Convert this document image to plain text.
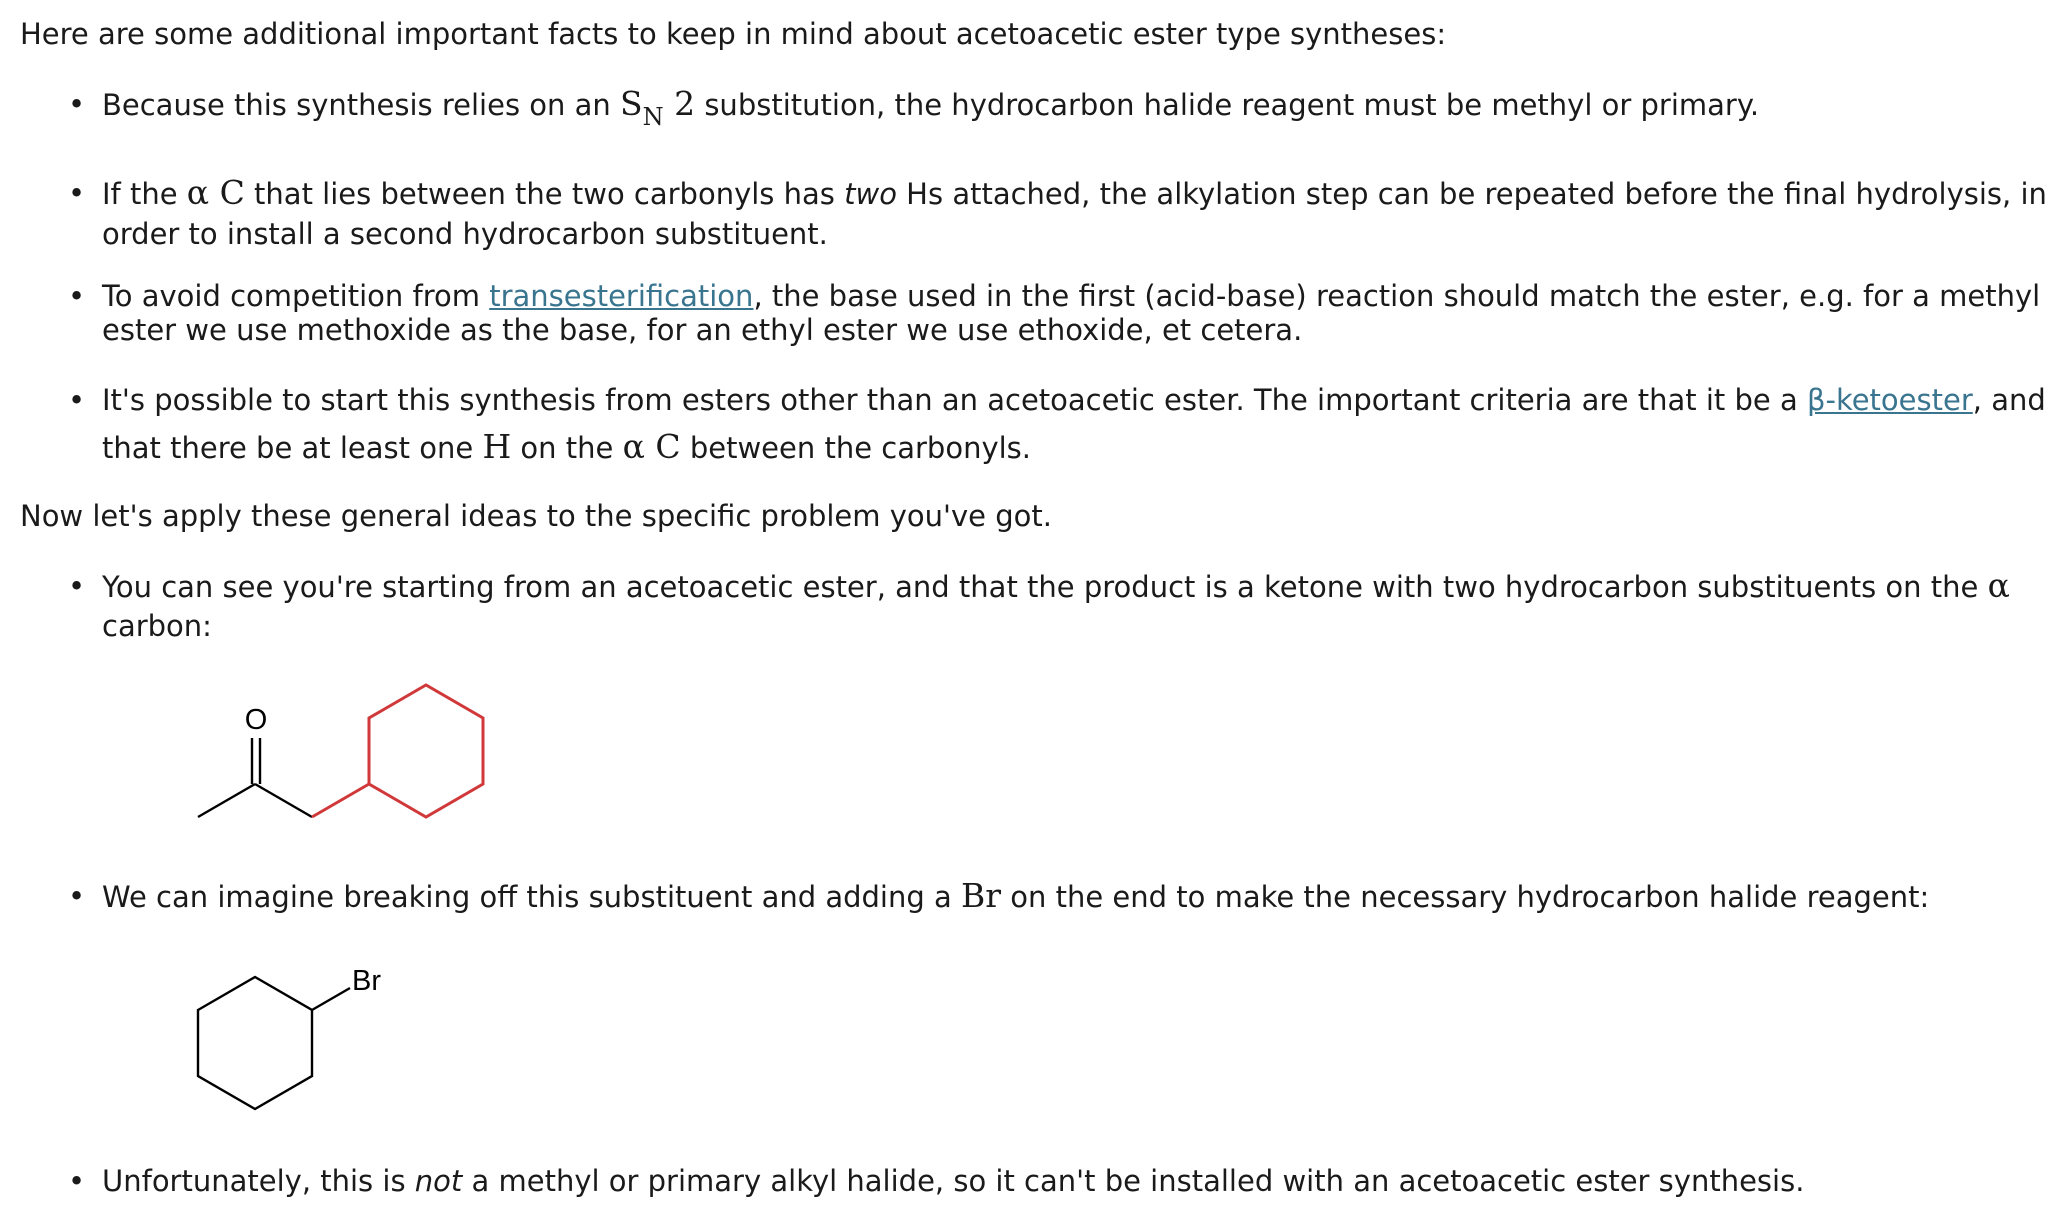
Here are some additional important facts to keep in mind about acetoacetic ester type syntheses:
• Because this synthesis relies on an $S_N$ 2 substitution, the hydrocarbon halide reagent must be methyl or primary.
• If the α C that lies between the two carbonyls has two Hs attached, the alkylation step can be repeated before the final hydrolysis, in
order to install a second hydrocarbon substituent.
• To avoid competition from transesterification, the base used in the first (acid-base) reaction should match the ester, e.g. for a methyl
ester we use methoxide as the base, for an ethyl ester we use ethoxide, et cetera.
• It's possible to start this synthesis from esters other than an acetoacetic ester. The important criteria are that it be a β-ketoester, and
that there be at least one H on the α C between the carbonyls.
Now let's apply these general ideas to the specific problem you've got.
• You can see you're starting from an acetoacetic ester, and that the product is a ketone with two hydrocarbon substituents on the α
carbon:
O
• We can imagine breaking off this substituent and adding a Br on the end to make the necessary hydrocarbon halide reagent:
Br
• Unfortunately, this is not a methyl or primary alkyl halide, so it can't be installed with an acetoacetic ester synthesis.
